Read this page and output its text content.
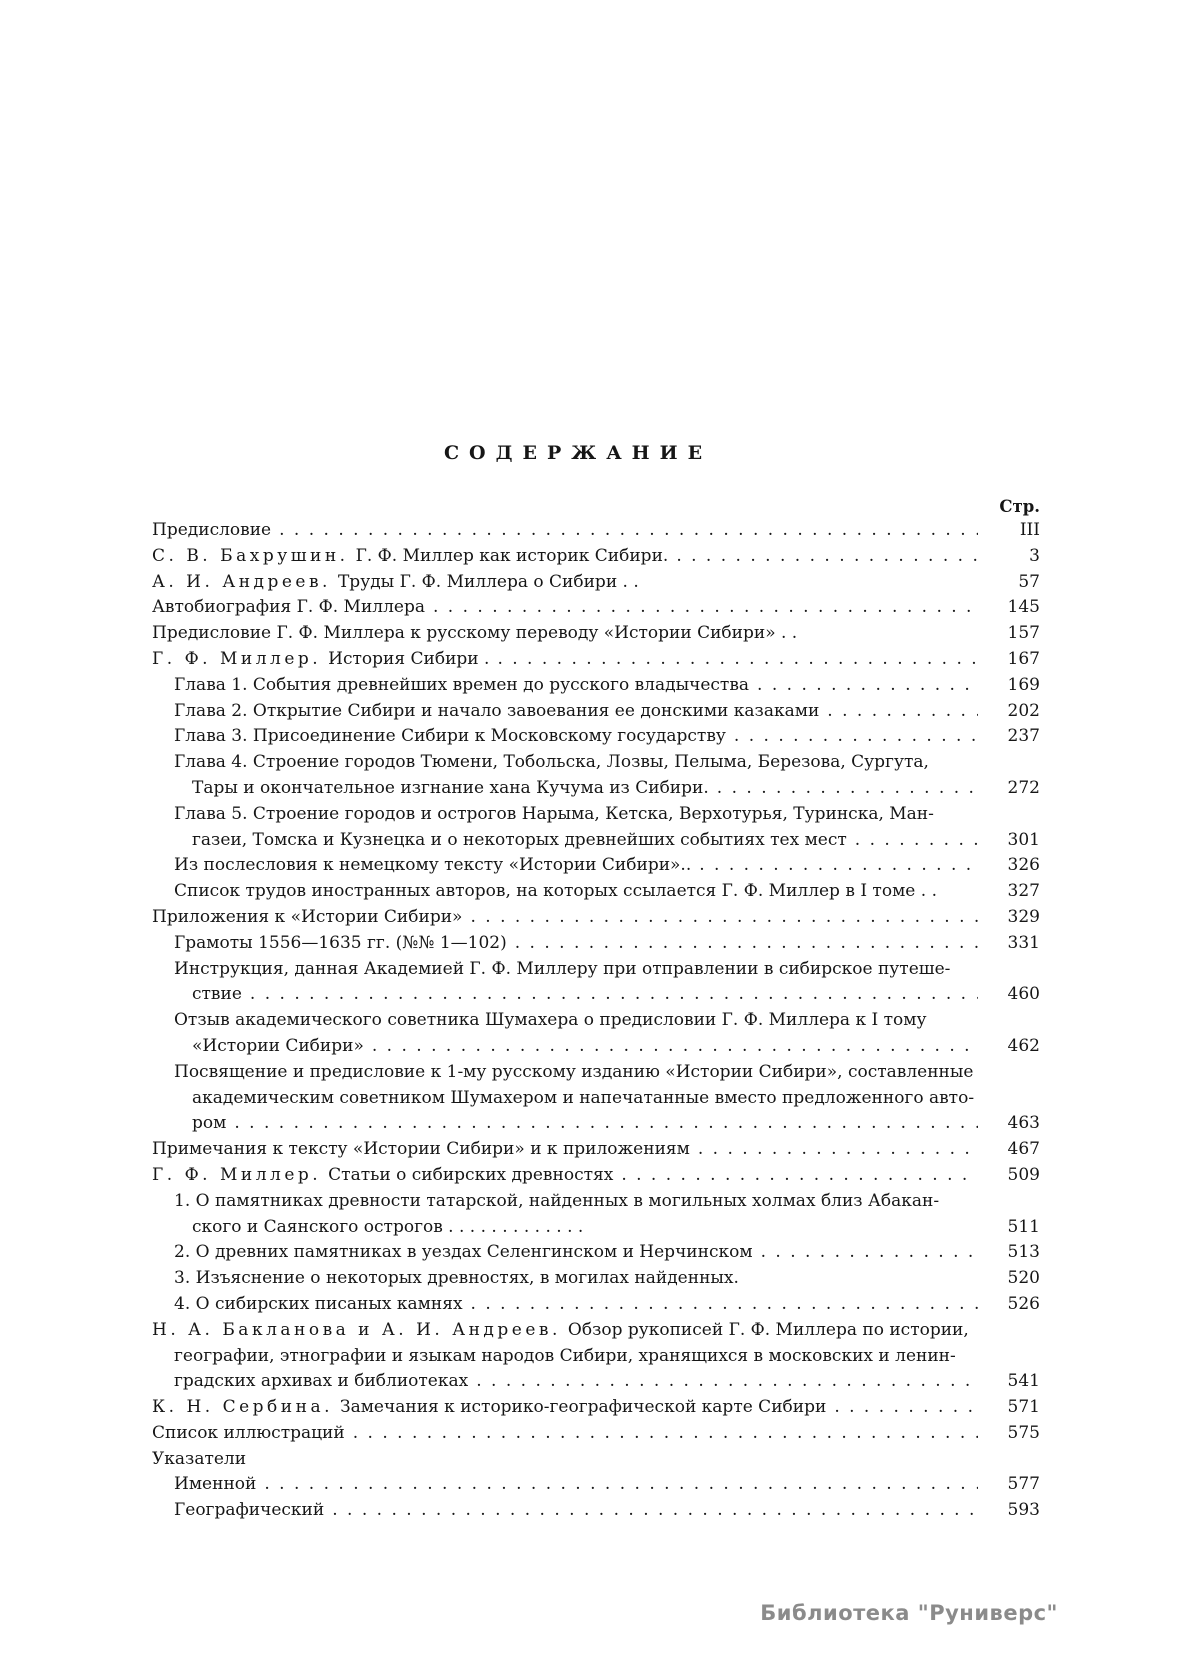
СОДЕРЖАНИЕ
Стр.
Предисловие . . .	III
С. В. Бахрушин. Г. Ф. Миллер как историк Сибири. . . .	3
А. И. Андреев. Труды Г. Ф. Миллера о Сибири . .	57
Автобиография Г. Ф. Миллера . . .	145
Предисловие Г. Ф. Миллера к русскому переводу «Истории Сибири» . .	157
Г. Ф. Миллер. История Сибири . . . .	167
Глава 1. События древнейших времен до русского владычества . . .	169
Глава 2. Открытие Сибири и начало завоевания ее донскими казаками . . .	202
Глава 3. Присоединение Сибири к Московскому государству . . .	237
Глава 4. Строение городов Тюмени, Тобольска, Лозвы, Пелыма, Березова, Сургута,
Тары и окончательное изгнание хана Кучума из Сибири. . . .	272
Глава 5. Строение городов и острогов Нарыма, Кетска, Верхотурья, Туринска, Ман-
газеи, Томска и Кузнецка и о некоторых древнейших событиях тех мест . . .	301
Из послесловия к немецкому тексту «Истории Сибири».. . . .	326
Список трудов иностранных авторов, на которых ссылается Г. Ф. Миллер в I томе . .	327
Приложения к «Истории Сибири» . . .	329
Грамоты 1556—1635 гг. (№№ 1—102) . . .	331
Инструкция, данная Академией Г. Ф. Миллеру при отправлении в сибирское путеше-
ствие . . .	460
Отзыв академического советника Шумахера о предисловии Г. Ф. Миллера к I тому
«Истории Сибири» . . .	462
Посвящение и предисловие к 1-му русскому изданию «Истории Сибири», составленные
академическим советником Шумахером и напечатанные вместо предложенного авто-
ром . . .	463
Примечания к тексту «Истории Сибири» и к приложениям . . .	467
Г. Ф. Миллер. Статьи о сибирских древностях . . .	509
1. О памятниках древности татарской, найденных в могильных холмах близ Абакан-
ского и Саянского острогов . . . . . . . . . . . . .	511
2. О древних памятниках в уездах Селенгинском и Нерчинском . . .	513
3. Изъяснение о некоторых древностях, в могилах найденных.	520
4. О сибирских писаных камнях . . .	526
Н. А. Бакланова и А. И. Андреев. Обзор рукописей Г. Ф. Миллера по истории,
географии, этнографии и языкам народов Сибири, хранящихся в московских и ленин-
градских архивах и библиотеках . . .	541
К. Н. Сербина. Замечания к историко-географической карте Сибири . . .	571
Список иллюстраций . . .	575
Указатели
Именной . . .	577
Географический . . .	593
Библиотека "Руниверс"
